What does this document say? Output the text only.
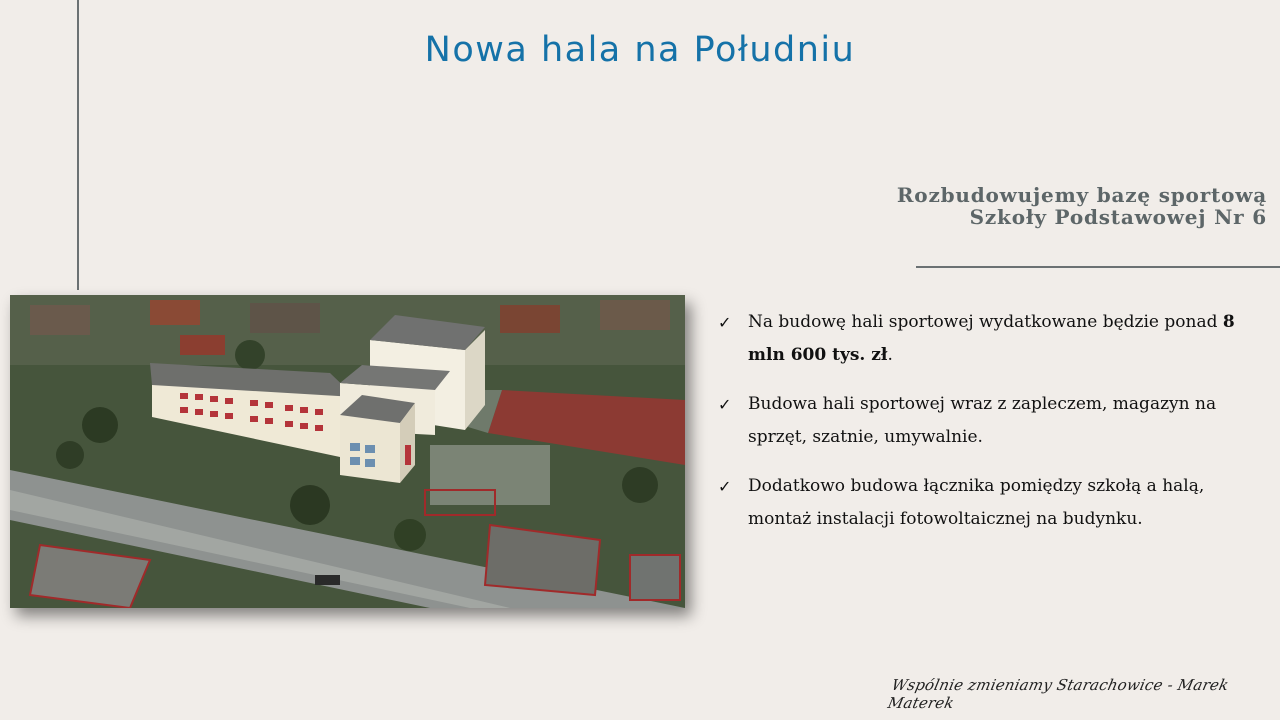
Nowa hala na Południu
Rozbudowujemy bazę sportową
Szkoły Podstawowej Nr 6
✓ Na budowę hali sportowej wydatkowane będzie ponad 8 mln 600 tys. zł.
✓ Budowa hali sportowej wraz z zapleczem, magazyn na sprzęt, szatnie, umywalnie.
✓ Dodatkowo budowa łącznika pomiędzy szkołą a halą, montaż instalacji fotowoltaicznej na budynku.
Wspólnie zmieniamy Starachowice - Marek Materek
